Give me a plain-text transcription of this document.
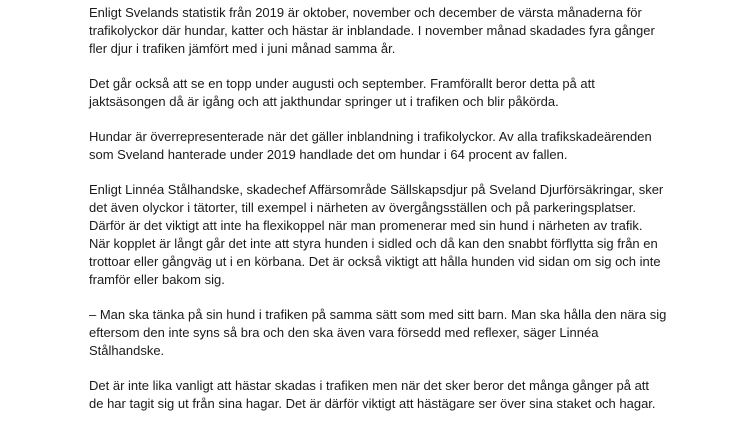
Enligt Svelands statistik från 2019 är oktober, november och december de värsta månaderna för
trafikolyckor där hundar, katter och hästar är inblandade. I november månad skadades fyra gånger
fler djur i trafiken jämfört med i juni månad samma år.

Det går också att se en topp under augusti och september. Framförallt beror detta på att
jaktsäsongen då är igång och att jakthundar springer ut i trafiken och blir påkörda.

Hundar är överrepresenterade när det gäller inblandning i trafikolyckor. Av alla trafikskadeärenden
som Sveland hanterade under 2019 handlade det om hundar i 64 procent av fallen.

Enligt Linnéa Stålhandske, skadechef Affärsområde Sällskapsdjur på Sveland Djurförsäkringar, sker
det även olyckor i tätorter, till exempel i närheten av övergångsställen och på parkeringsplatser.
Därför är det viktigt att inte ha flexikoppel när man promenerar med sin hund i närheten av trafik.
När kopplet är långt går det inte att styra hunden i sidled och då kan den snabbt förflytta sig från en
trottoar eller gångväg ut i en körbana. Det är också viktigt att hålla hunden vid sidan om sig och inte
framför eller bakom sig.

– Man ska tänka på sin hund i trafiken på samma sätt som med sitt barn. Man ska hålla den nära sig
eftersom den inte syns så bra och den ska även vara försedd med reflexer, säger Linnéa
Stålhandske.

Det är inte lika vanligt att hästar skadas i trafiken men när det sker beror det många gånger på att
de har tagit sig ut från sina hagar. Det är därför viktigt att hästägare ser över sina staket och hagar.
